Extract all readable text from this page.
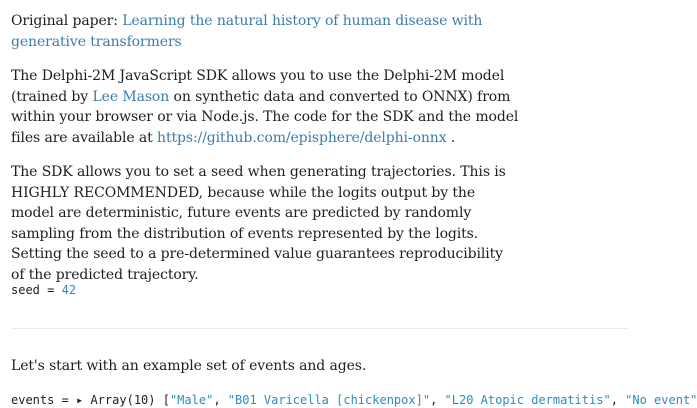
Original paper: Learning the natural history of human disease with generative transformers

The Delphi-2M JavaScript SDK allows you to use the Delphi-2M model (trained by Lee Mason on synthetic data and converted to ONNX) from within your browser or via Node.js. The code for the SDK and the model files are available at https://github.com/episphere/delphi-onnx .

The SDK allows you to set a seed when generating trajectories. This is HIGHLY RECOMMENDED, because while the logits output by the model are deterministic, future events are predicted by randomly sampling from the distribution of events represented by the logits. Setting the seed to a pre-determined value guarantees reproducibility of the predicted trajectory.

seed = 42

Let's start with an example set of events and ages.

events = ▸ Array(10) ["Male", "B01 Varicella [chickenpox]", "L20 Atopic dermatitis", "No event"
